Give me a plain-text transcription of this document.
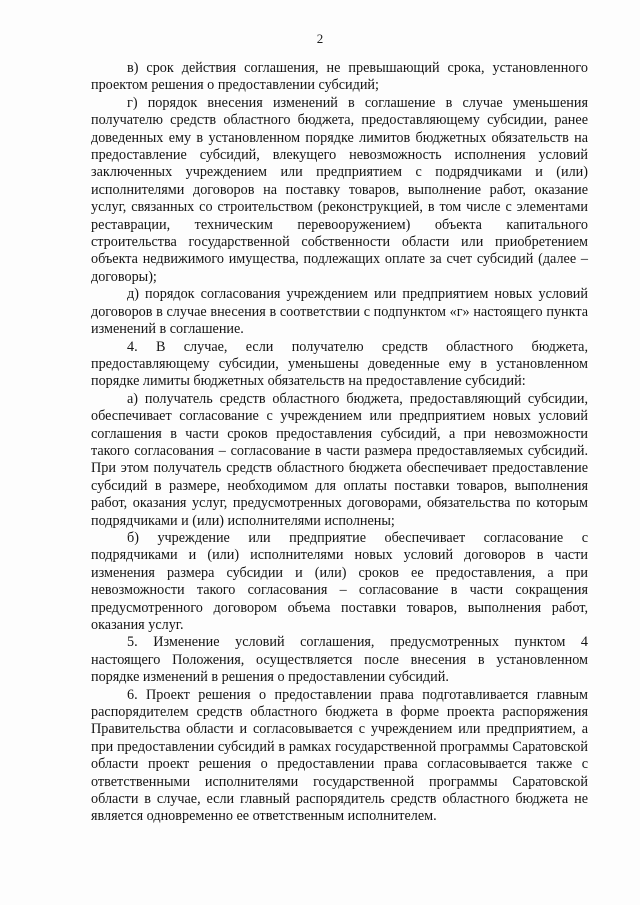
2

в) срок действия соглашения, не превышающий срока, установленного проектом решения о предоставлении субсидий;

г) порядок внесения изменений в соглашение в случае уменьшения получателю средств областного бюджета, предоставляющему субсидии, ранее доведенных ему в установленном порядке лимитов бюджетных обязательств на предоставление субсидий, влекущего невозможность исполнения условий заключенных учреждением или предприятием с подрядчиками и (или) исполнителями договоров на поставку товаров, выполнение работ, оказание услуг, связанных со строительством (реконструкцией, в том числе с элементами реставрации, техническим перевооружением) объекта капитального строительства государственной собственности области или приобретением объекта недвижимого имущества, подлежащих оплате за счет субсидий (далее – договоры);

д) порядок согласования учреждением или предприятием новых условий договоров в случае внесения в соответствии с подпунктом «г» настоящего пункта изменений в соглашение.

4. В случае, если получателю средств областного бюджета, предоставляющему субсидии, уменьшены доведенные ему в установленном порядке лимиты бюджетных обязательств на предоставление субсидий:

а) получатель средств областного бюджета, предоставляющий субсидии, обеспечивает согласование с учреждением или предприятием новых условий соглашения в части сроков предоставления субсидий, а при невозможности такого согласования – согласование в части размера предоставляемых субсидий. При этом получатель средств областного бюджета обеспечивает предоставление субсидий в размере, необходимом для оплаты поставки товаров, выполнения работ, оказания услуг, предусмотренных договорами, обязательства по которым подрядчиками и (или) исполнителями исполнены;

б) учреждение или предприятие обеспечивает согласование с подрядчиками и (или) исполнителями новых условий договоров в части изменения размера субсидии и (или) сроков ее предоставления, а при невозможности такого согласования – согласование в части сокращения предусмотренного договором объема поставки товаров, выполнения работ, оказания услуг.

5. Изменение условий соглашения, предусмотренных пунктом 4 настоящего Положения, осуществляется после внесения в установленном порядке изменений в решения о предоставлении субсидий.

6. Проект решения о предоставлении права подготавливается главным распорядителем средств областного бюджета в форме проекта распоряжения Правительства области и согласовывается с учреждением или предприятием, а при предоставлении субсидий в рамках государственной программы Саратовской области проект решения о предоставлении права согласовывается также с ответственными исполнителями государственной программы Саратовской области в случае, если главный распорядитель средств областного бюджета не является одновременно ее ответственным исполнителем.
